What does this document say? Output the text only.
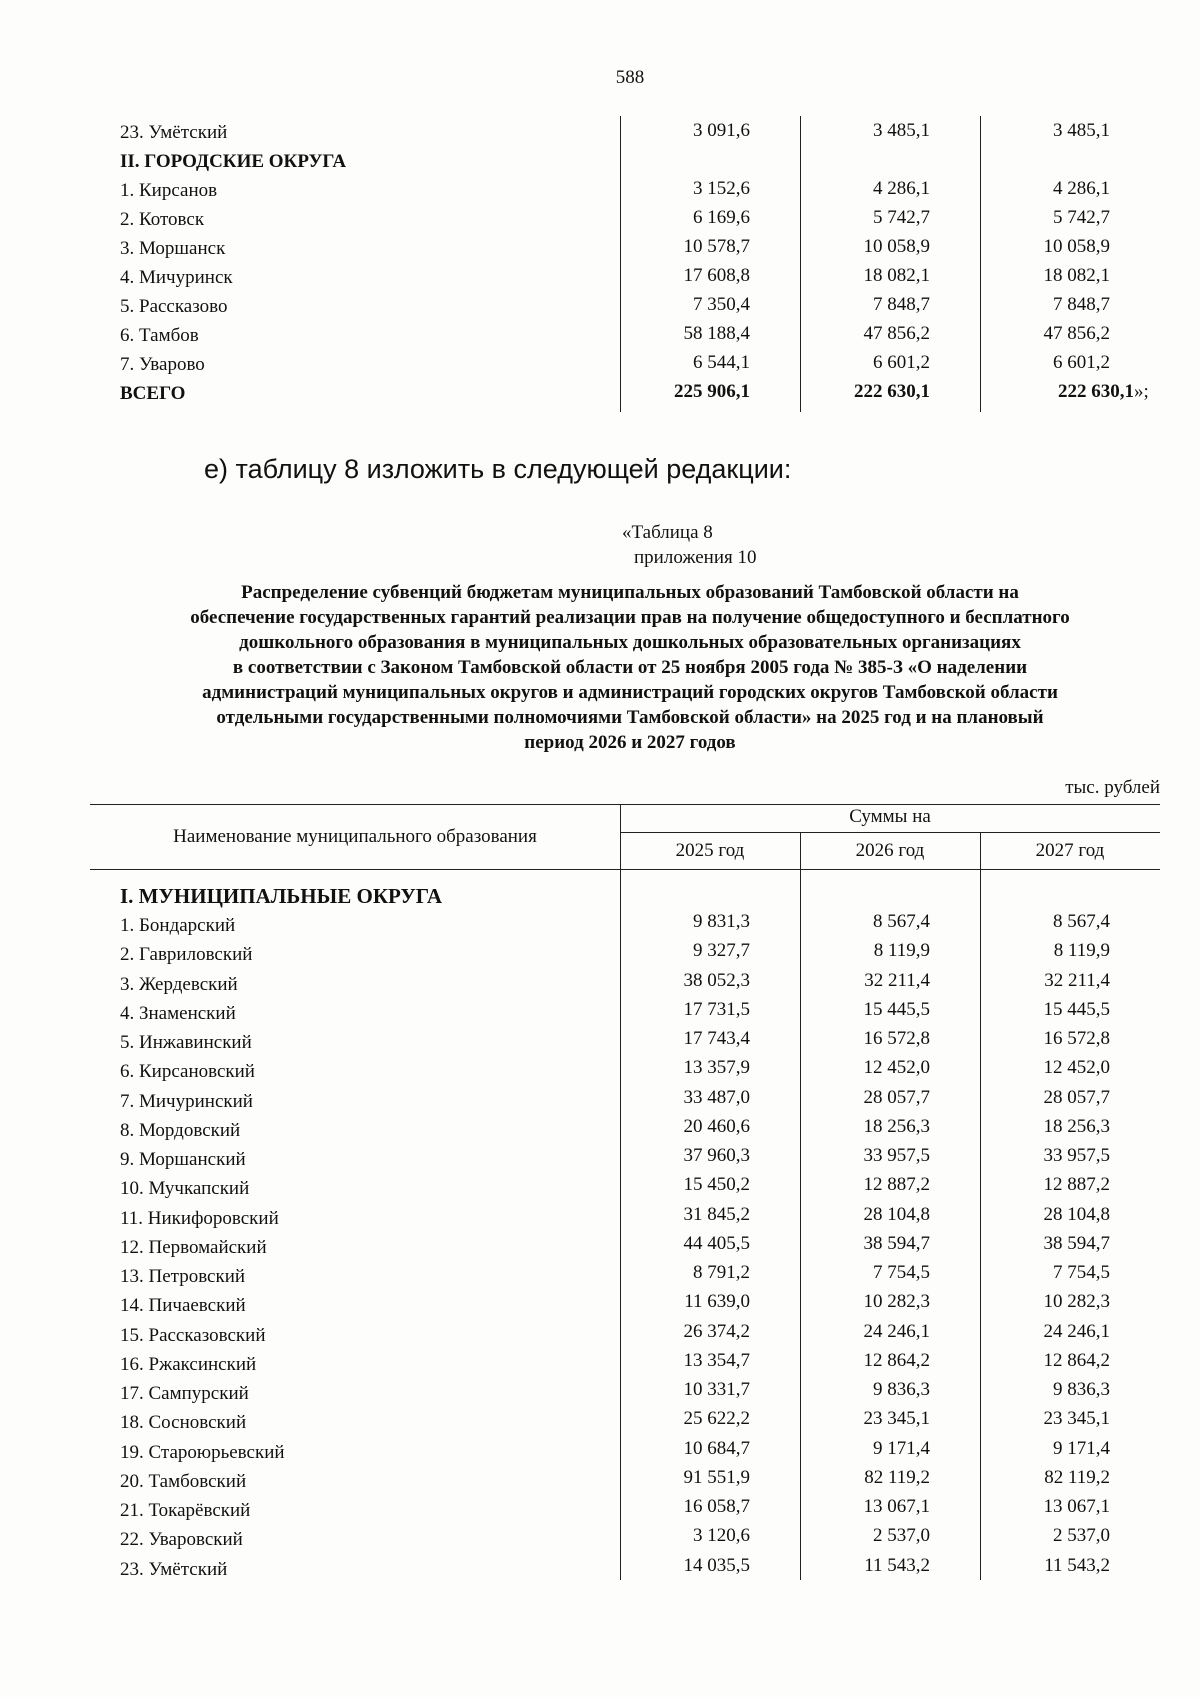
588
23. Умётский	3 091,6	3 485,1	3 485,1
II. ГОРОДСКИЕ ОКРУГА
1. Кирсанов	3 152,6	4 286,1	4 286,1
2. Котовск	6 169,6	5 742,7	5 742,7
3. Моршанск	10 578,7	10 058,9	10 058,9
4. Мичуринск	17 608,8	18 082,1	18 082,1
5. Рассказово	7 350,4	7 848,7	7 848,7
6. Тамбов	58 188,4	47 856,2	47 856,2
7. Уварово	6 544,1	6 601,2	6 601,2
ВСЕГО	225 906,1	222 630,1	222 630,1»;
е) таблицу 8 изложить в следующей редакции:
«Таблица 8
приложения 10
Распределение субвенций бюджетам муниципальных образований Тамбовской области на
обеспечение государственных гарантий реализации прав на получение общедоступного и бесплатного
дошкольного образования в муниципальных дошкольных образовательных организациях
в соответствии с Законом Тамбовской области от 25 ноября 2005 года № 385-З «О наделении
администраций муниципальных округов и администраций городских округов Тамбовской области
отдельными государственными полномочиями Тамбовской области» на 2025 год и на плановый
период 2026 и 2027 годов
тыс. рублей
Наименование муниципального образования
Суммы на
2025 год	2026 год	2027 год
I. МУНИЦИПАЛЬНЫЕ ОКРУГА
1. Бондарский	9 831,3	8 567,4	8 567,4
2. Гавриловский	9 327,7	8 119,9	8 119,9
3. Жердевский	38 052,3	32 211,4	32 211,4
4. Знаменский	17 731,5	15 445,5	15 445,5
5. Инжавинский	17 743,4	16 572,8	16 572,8
6. Кирсановский	13 357,9	12 452,0	12 452,0
7. Мичуринский	33 487,0	28 057,7	28 057,7
8. Мордовский	20 460,6	18 256,3	18 256,3
9. Моршанский	37 960,3	33 957,5	33 957,5
10. Мучкапский	15 450,2	12 887,2	12 887,2
11. Никифоровский	31 845,2	28 104,8	28 104,8
12. Первомайский	44 405,5	38 594,7	38 594,7
13. Петровский	8 791,2	7 754,5	7 754,5
14. Пичаевский	11 639,0	10 282,3	10 282,3
15. Рассказовский	26 374,2	24 246,1	24 246,1
16. Ржаксинский	13 354,7	12 864,2	12 864,2
17. Сампурский	10 331,7	9 836,3	9 836,3
18. Сосновский	25 622,2	23 345,1	23 345,1
19. Староюрьевский	10 684,7	9 171,4	9 171,4
20. Тамбовский	91 551,9	82 119,2	82 119,2
21. Токарёвский	16 058,7	13 067,1	13 067,1
22. Уваровский	3 120,6	2 537,0	2 537,0
23. Умётский	14 035,5	11 543,2	11 543,2
